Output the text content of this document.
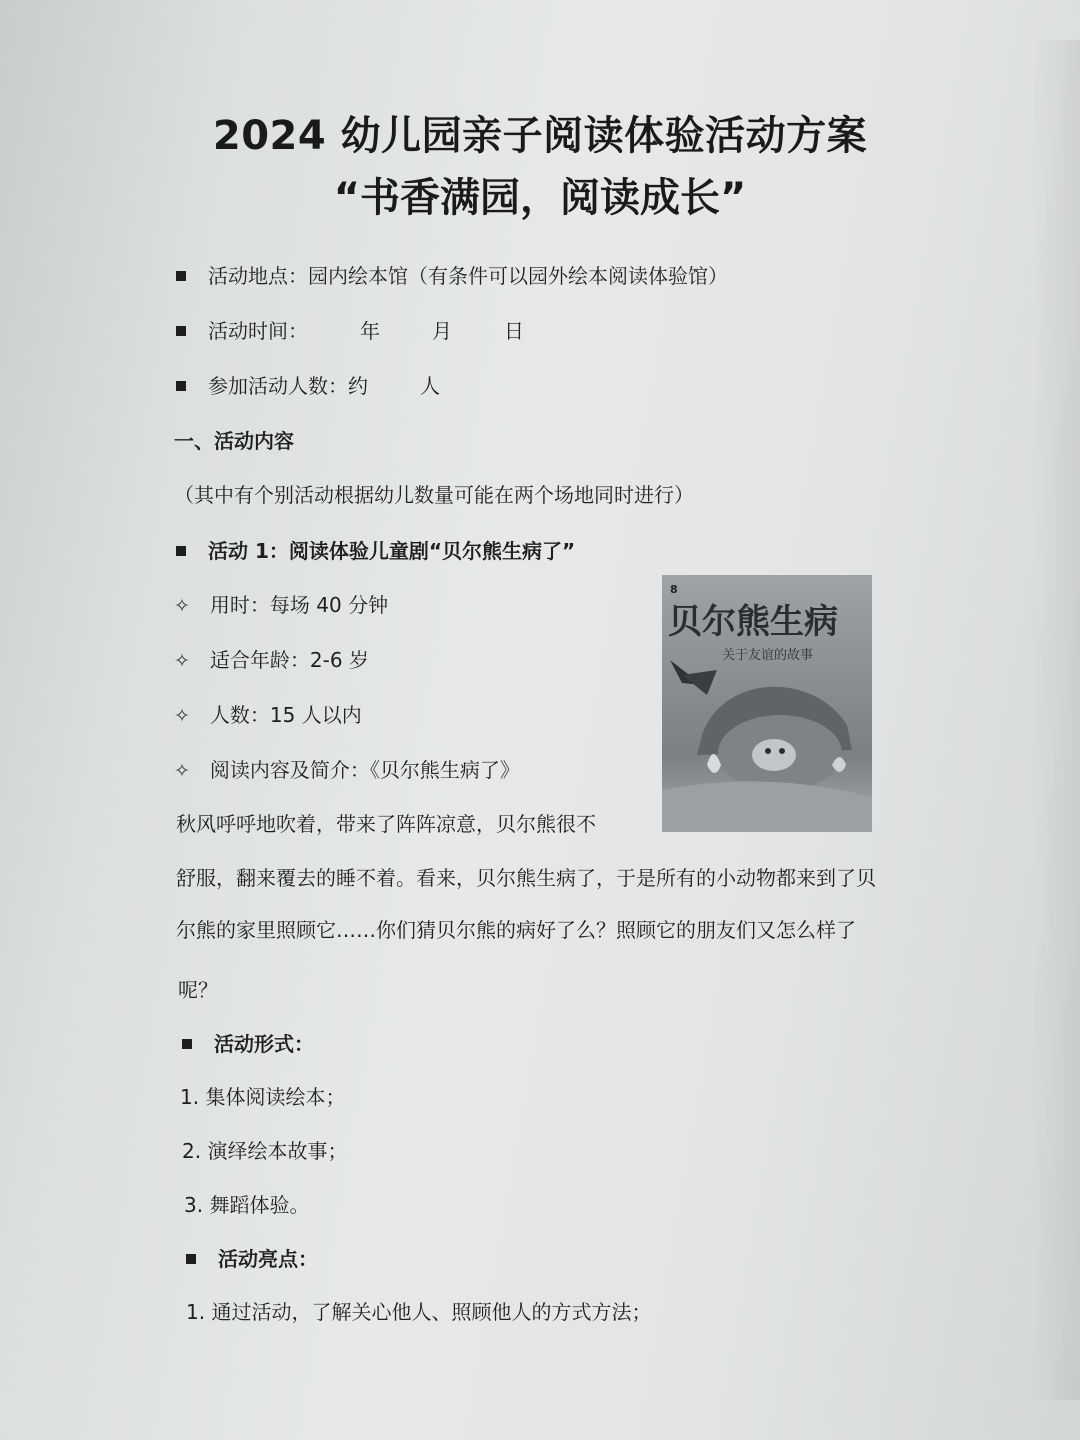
2024 幼儿园亲子阅读体验活动方案
“书香满园，阅读成长”
活动地点：园内绘本馆（有条件可以园外绘本阅读体验馆）
活动时间：	年	月	日
参加活动人数：约	人
一、活动内容
（其中有个别活动根据幼儿数量可能在两个场地同时进行）
活动 1：阅读体验儿童剧“贝尔熊生病了”
✧ 用时：每场 40 分钟
✧ 适合年龄：2-6 岁
✧ 人数：15 人以内
✧ 阅读内容及简介：《贝尔熊生病了》
8
贝尔熊生病
关于友谊的故事
秋风呼呼地吹着，带来了阵阵凉意，贝尔熊很不
舒服，翻来覆去的睡不着。看来，贝尔熊生病了，于是所有的小动物都来到了贝
尔熊的家里照顾它……你们猜贝尔熊的病好了么？照顾它的朋友们又怎么样了
呢？
活动形式：
1. 集体阅读绘本；
2. 演绎绘本故事；
3. 舞蹈体验。
活动亮点：
1. 通过活动，了解关心他人、照顾他人的方式方法；
